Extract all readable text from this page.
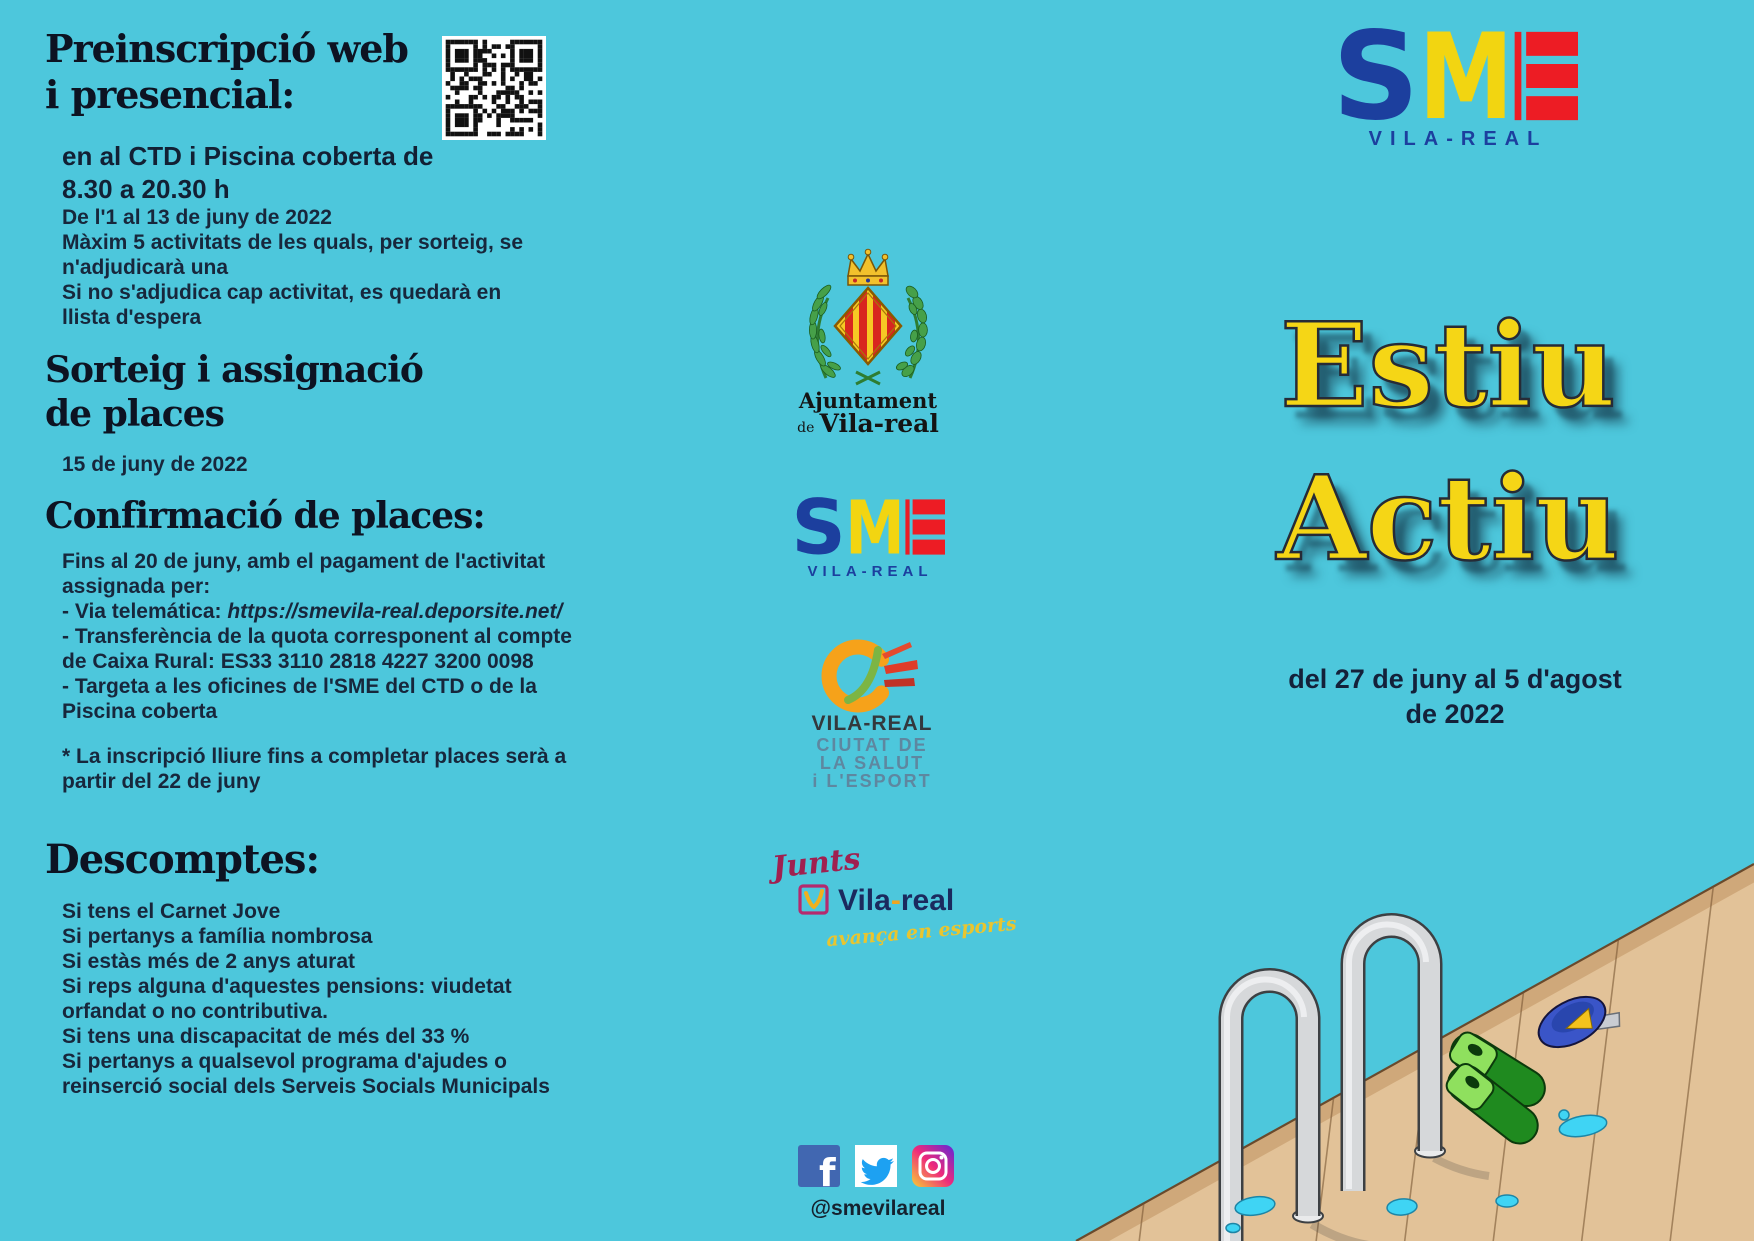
Preinscripció web
i presencial:
en al CTD i Piscina coberta de
8.30 a 20.30 h
De l'1 al 13 de juny de 2022
Màxim 5 activitats de les quals, per sorteig, se
n'adjudicarà una
Si no s'adjudica cap activitat, es quedarà en
llista d'espera
Sorteig i assignació
de places
15 de juny de 2022
Confirmació de places:
Fins al 20 de juny, amb el pagament de l'activitat
assignada per:
- Via telemática: https://smevila-real.deporsite.net/
- Transferència de la quota corresponent al compte
de Caixa Rural: ES33 3110 2818 4227 3200 0098
- Targeta a les oficines de l'SME del CTD o de la
Piscina coberta
* La inscripció lliure fins a completar places serà a
partir del 22 de juny
Descomptes:
Si tens el Carnet Jove
Si pertanys a família nombrosa
Si estàs més de 2 anys aturat
Si reps alguna d'aquestes pensions: viudetat
orfandat o no contributiva.
Si tens una discapacitat de més del 33 %
Si pertanys a qualsevol programa d'ajudes o
reinserció social dels Serveis Socials Municipals
Ajuntament
de Vila-real
VILA-REAL
VILA-REAL
CIUTAT DE
LA SALUT
i L'ESPORT
Junts
Vila-real
avança en esports
f
@smevilareal
VILA-REAL
Estiu
Actiu
del 27 de juny al 5 d'agost
de 2022
